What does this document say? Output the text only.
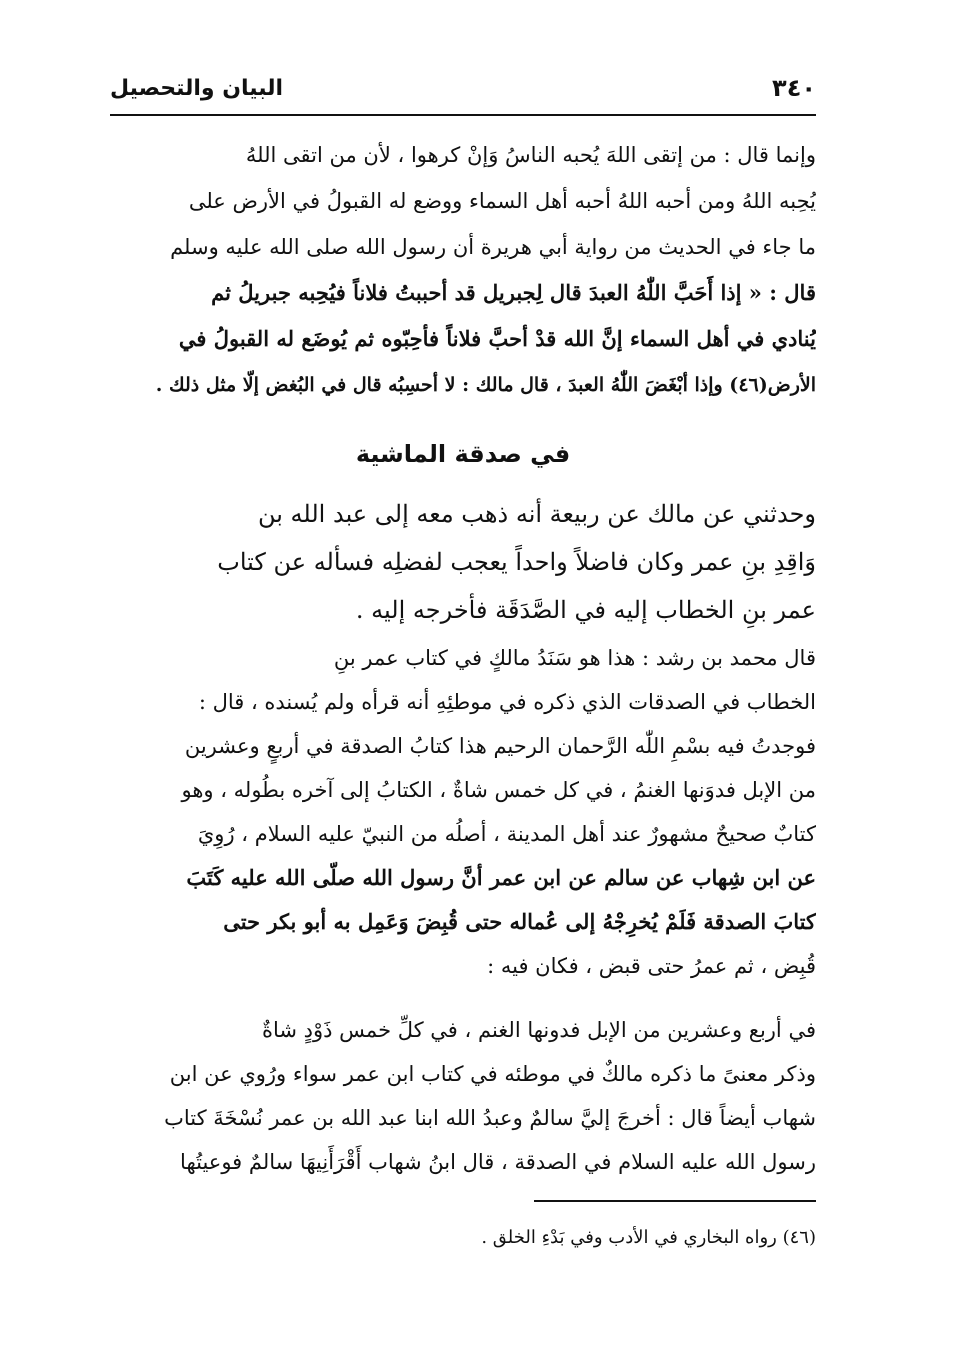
البيان والتحصيل	٣٤٠
وإنما قال : من إتقى اللهَ يُحبه الناسُ وَإنْ كرهوا ، لأن من اتقى اللهُ
يُحِبه اللهُ ومن أحبه اللهُ أحبه أهل السماء ووضع له القبولُ في الأرض على
ما جاء في الحديث من رواية أبي هريرة أن رسول الله صلى الله عليه وسلم
قال : « إذا أَحَبَّ اللّٰهُ العبدَ قال لِجبريل قد أحببتُ فلاناً فيُحِبه جبريلُ ثم
يُنادي في أهل السماء إنَّ الله قدْ أحبَّ فلاناً فأحِبّوه ثم يُوضَع له القبولُ في
الأرض(٤٦) وإذا أبْغَضَ اللّٰهُ العبدَ ، قال مالك : لا أحسِبُه قال في البُغض إلّا مثل ذلك .
في صدقة الماشية
وحدثني عن مالك عن ربيعة أنه ذهب معه إلى عبد الله بن
وَاقِدِ بنِ عمر وكان فاضلاً واحداً يعجب لفضلِه فسأله عن كتاب
عمر بنِ الخطاب إليه في الصَّدَقَة فأخرجه إليه .
قال محمد بن رشد : هذا هو سَنَدُ مالكٍ في كتاب عمر بنِ
الخطاب في الصدقات الذي ذكره في موطئِهِ أنه قرأه ولم يُسنده ، قال :
فوجدتُ فيه بسْمِ اللّٰه الرَّحمان الرحيم هذا كتابُ الصدقة في أربعٍ وعشرين
من الإبل فدوَنها الغنمُ ، في كل خمس شاةٌ ، الكتابُ إلى آخره بطُوله ، وهو
كتابٌ صحيحٌ مشهورٌ عند أهل المدينة ، أصلُه من النبيّ عليه السلام ، رُوِيَ
عن ابن شِهاب عن سالم عن ابن عمر أنَّ رسول الله صلّى الله عليه كَتَبَ
كتابَ الصدقة فَلَمْ يُخرِجْهُ إلى عُماله حتى قُبِضَ وَعَمِل به أبو بكر حتى
قُبِض ، ثم عمرُ حتى قبض ، فكان فيه :
في أربع وعشرين من الإبل فدونها الغنم ، في كلِّ خمس ذَوْدٍ شاةٌ
وذكر معنىً ما ذكره مالكٌ في موطئه في كتاب ابن عمر سواء ورُوي عن ابن
شهاب أيضاً قال : أخرجَ إليَّ سالمٌ وعبدُ الله ابنا عبد الله بن عمر نُسْخَةَ كتاب
رسول الله عليه السلام في الصدقة ، قال ابنُ شهاب أَقْرَأَنِيهَا سالمٌ فوعيتُها
(٤٦) رواه البخاري في الأدب وفي بَدْءِ الخلق .
